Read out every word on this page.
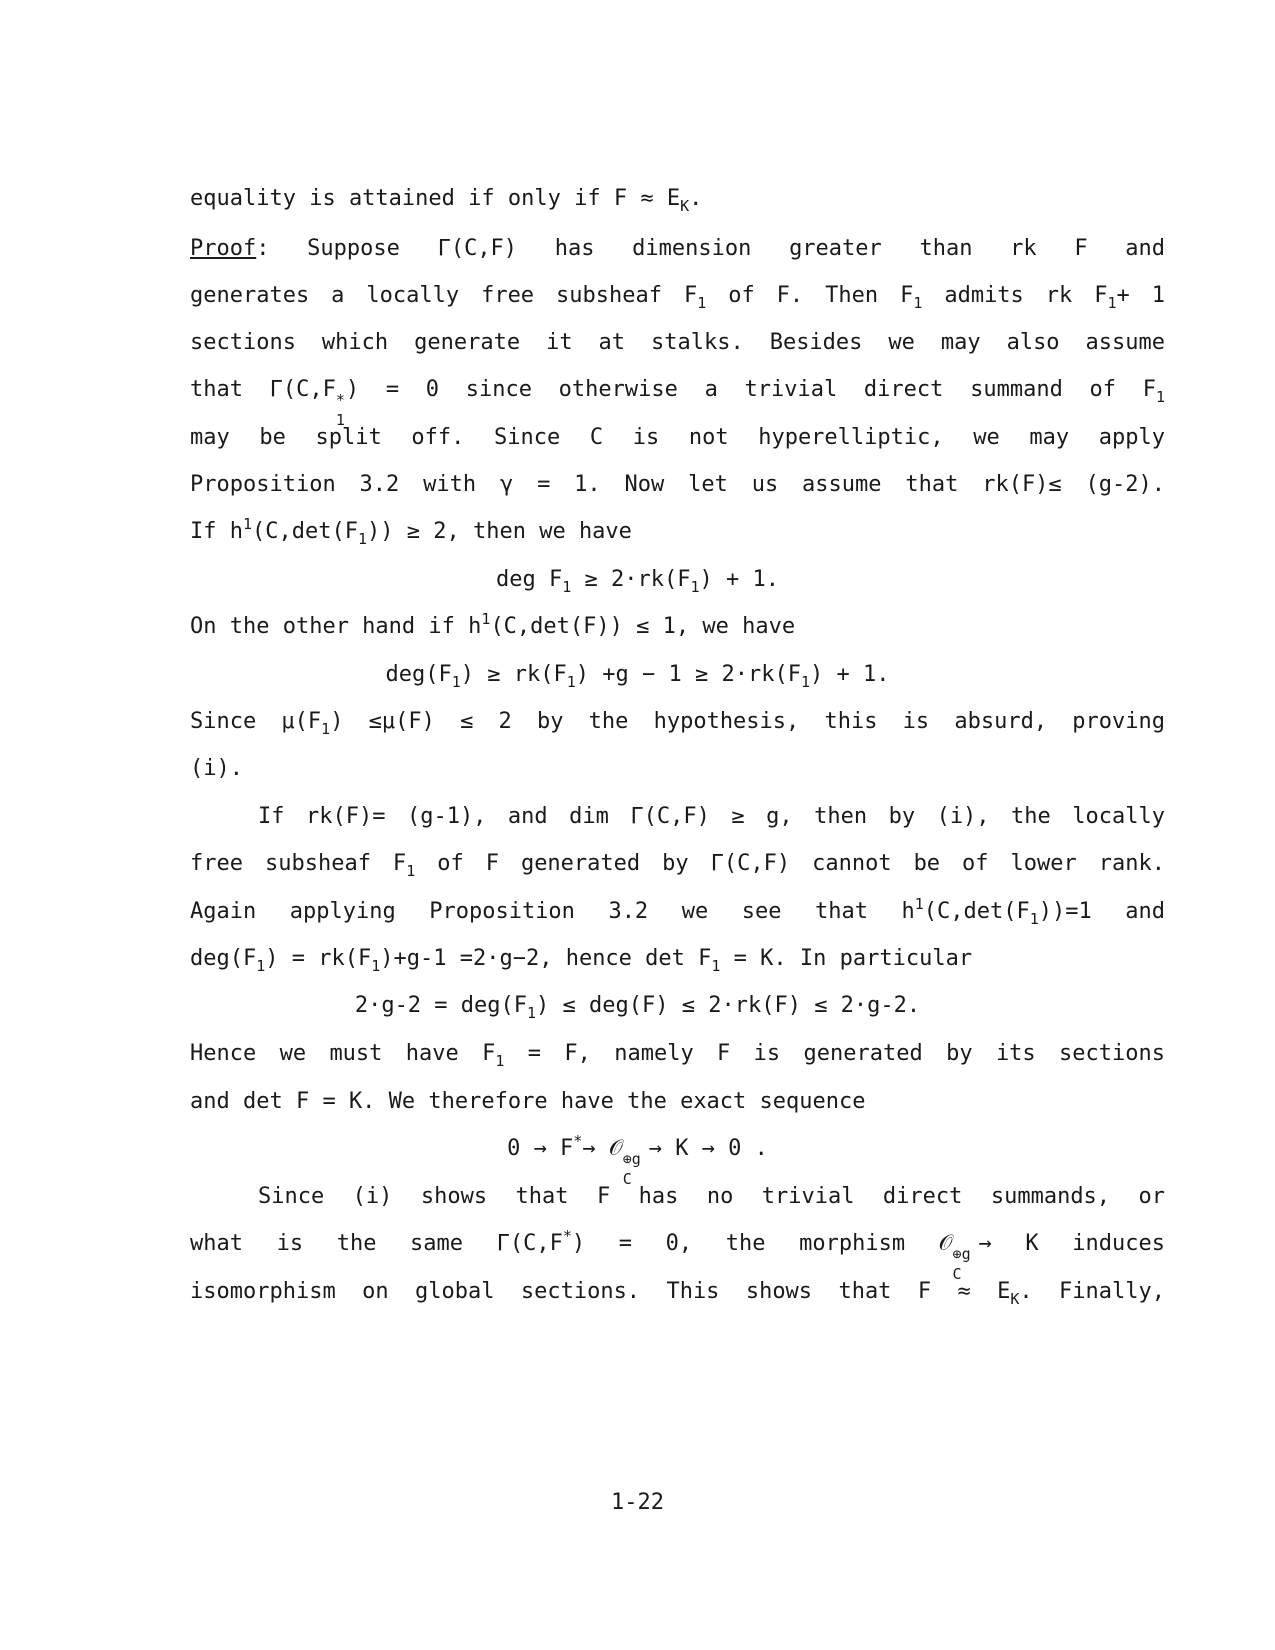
equality is attained if only if $F \approx E_K$.
Proof: Suppose Γ(C,F) has dimension greater than rk F and
generates a locally free subsheaf $F_1$ of F. Then $F_1$ admits rk $F_1+ 1$
sections which generate it at stalks. Besides we may also assume
that Γ(C,F *
1
) = 0 since otherwise a trivial direct summand of $F_1$
may be split off. Since C is not hyperelliptic, we may apply
Proposition 3.2 with γ = 1. Now let us assume that rk(F)≤ (g-2).
If $h^1(C,\det(F_1)) \ge 2$, then we have
deg $F_1 \ge 2\cdot rk(F_1) + 1$.
On the other hand if $h^1(C,\det(F)) \le 1$, we have
$deg(F_1) \ge rk(F_1) +g - 1 \ge 2\cdot rk(F_1) + 1$.
Since $\mu(F_1) \le\mu(F) \le 2$ by the hypothesis, this is absurd, proving
(i).
If rk(F)= (g-1), and dim Γ(C,F) ≥ g, then by (i), the locally
free subsheaf $F_1$ of F generated by Γ(C,F) cannot be of lower rank.
Again applying Proposition 3.2 we see that $h^1(C,\det(F_1))=1$ and
$deg(F_1) = rk(F_1)+g-1 =2\cdot g-2$, hence $\det F_1 = K$. In particular
$2\cdot g-2 = deg(F_1) \le deg(F) \le 2\cdot rk(F) \le 2\cdot g-2$.
Hence we must have $F_1 = F$, namely F is generated by its sections
and det F = K. We therefore have the exact sequence
0 → F*→ 𝒪 ⊕g
C
→ K → 0 .
Since (i) shows that F has no trivial direct summands, or
what is the same Γ(C,F*) = 0, the morphism 𝒪 ⊕g
C
→ K induces
isomorphism on global sections. This shows that $F \approx E_K$. Finally,
1-22
